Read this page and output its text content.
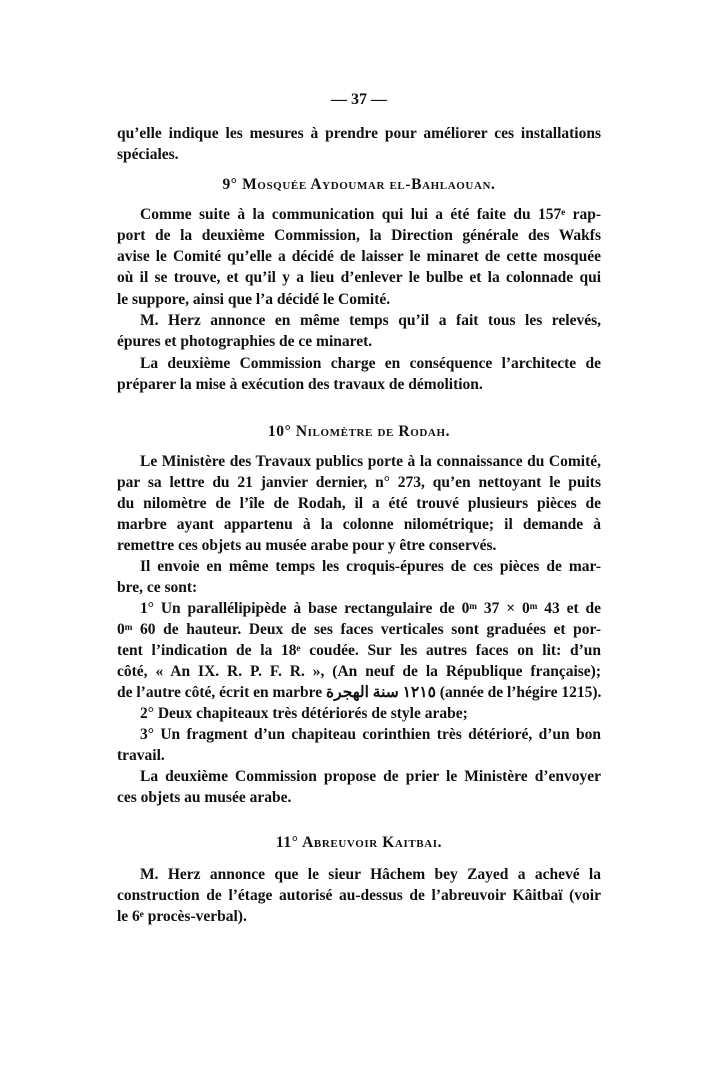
— 37 —
qu’elle indique les mesures à prendre pour améliorer ces installations
spéciales.
9° Mosquée Aydoumar el-Bahlaouan.
Comme suite à la communication qui lui a été faite du 157ᵉ rap-
port de la deuxième Commission, la Direction générale des Wakfs
avise le Comité qu’elle a décidé de laisser le minaret de cette mosquée
où il se trouve, et qu’il y a lieu d’enlever le bulbe et la colonnade qui
le suppore, ainsi que l’a décidé le Comité.
M. Herz annonce en même temps qu’il a fait tous les relevés,
épures et photographies de ce minaret.
La deuxième Commission charge en conséquence l’architecte de
préparer la mise à exécution des travaux de démolition.
10° Nilomètre de Rodah.
Le Ministère des Travaux publics porte à la connaissance du Comité,
par sa lettre du 21 janvier dernier, n° 273, qu’en nettoyant le puits
du nilomètre de l’île de Rodah, il a été trouvé plusieurs pièces de
marbre ayant appartenu à la colonne nilométrique; il demande à
remettre ces objets au musée arabe pour y être conservés.
Il envoie en même temps les croquis-épures de ces pièces de mar-
bre, ce sont:
1° Un parallélipipède à base rectangulaire de 0ᵐ 37 × 0ᵐ 43 et de
0ᵐ 60 de hauteur. Deux de ses faces verticales sont graduées et por-
tent l’indication de la 18ᵉ coudée. Sur les autres faces on lit: d’un
côté, « An IX. R. P. F. R. », (An neuf de la République française);
de l’autre côté, écrit en marbre ١٢١٥ سنة الهجرة (année de l’hégire 1215).
2° Deux chapiteaux très détériorés de style arabe;
3° Un fragment d’un chapiteau corinthien très détérioré, d’un bon
travail.
La deuxième Commission propose de prier le Ministère d’envoyer
ces objets au musée arabe.
11° Abreuvoir Kaitbai.
M. Herz annonce que le sieur Hâchem bey Zayed a achevé la
construction de l’étage autorisé au-dessus de l’abreuvoir Kâitbaï (voir
le 6ᵉ procès-verbal).
